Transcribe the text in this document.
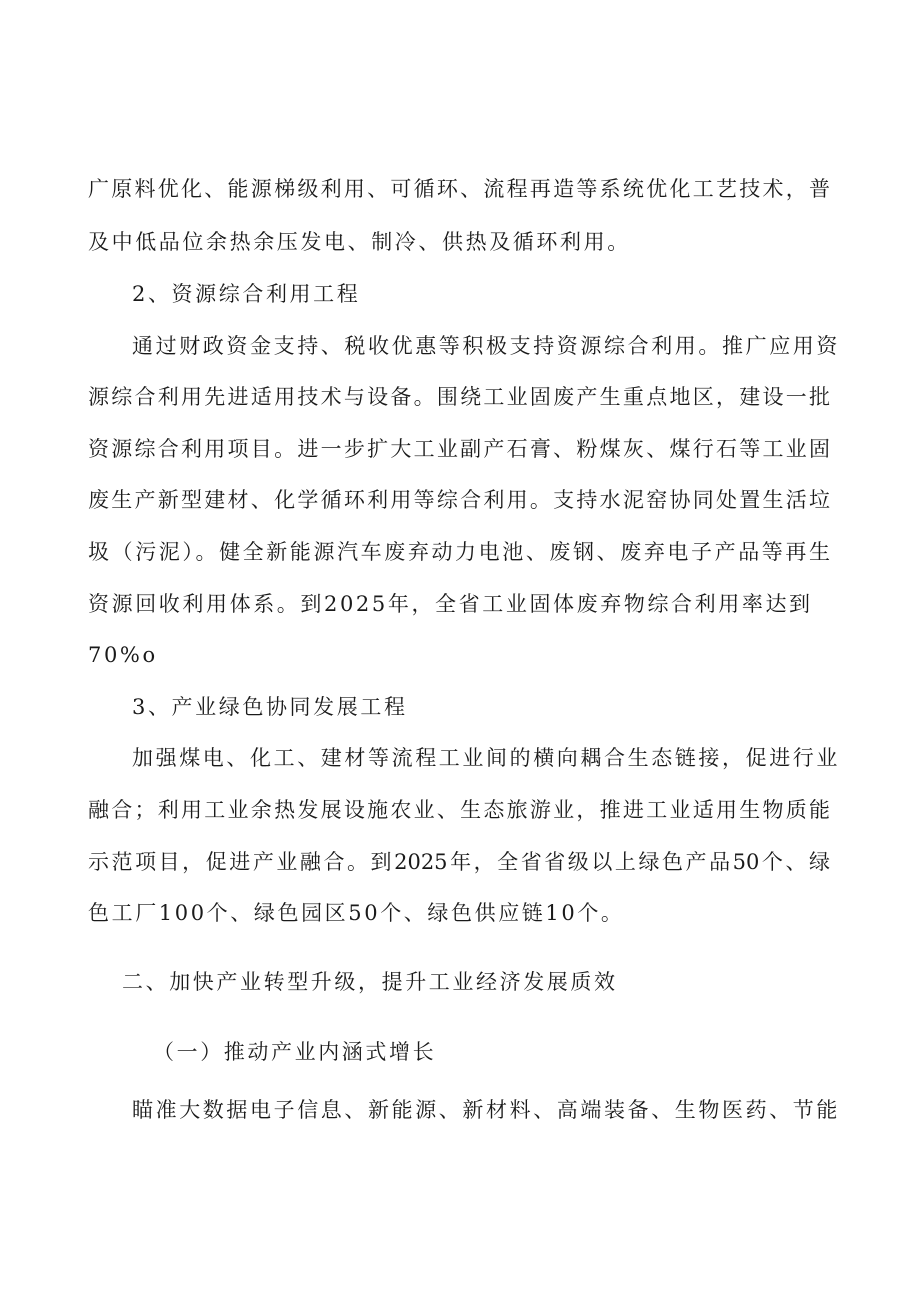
广原料优化、能源梯级利用、可循环、流程再造等系统优化工艺技术，普
及中低品位余热余压发电、制冷、供热及循环利用。
2、资源综合利用工程
通过财政资金支持、税收优惠等积极支持资源综合利用。推广应用资
源综合利用先进适用技术与设备。围绕工业固废产生重点地区，建设一批
资源综合利用项目。进一步扩大工业副产石膏、粉煤灰、煤行石等工业固
废生产新型建材、化学循环利用等综合利用。支持水泥窑协同处置生活垃
圾（污泥）。健全新能源汽车废弃动力电池、废钢、废弃电子产品等再生
资源回收利用体系。到2025年，全省工业固体废弃物综合利用率达到
70%o
3、产业绿色协同发展工程
加强煤电、化工、建材等流程工业间的横向耦合生态链接，促进行业
融合；利用工业余热发展设施农业、生态旅游业，推进工业适用生物质能
示范项目，促进产业融合。到2025年，全省省级以上绿色产品50个、绿
色工厂100个、绿色园区50个、绿色供应链10个。
二、加快产业转型升级，提升工业经济发展质效
（一）推动产业内涵式增长
瞄准大数据电子信息、新能源、新材料、高端装备、生物医药、节能
